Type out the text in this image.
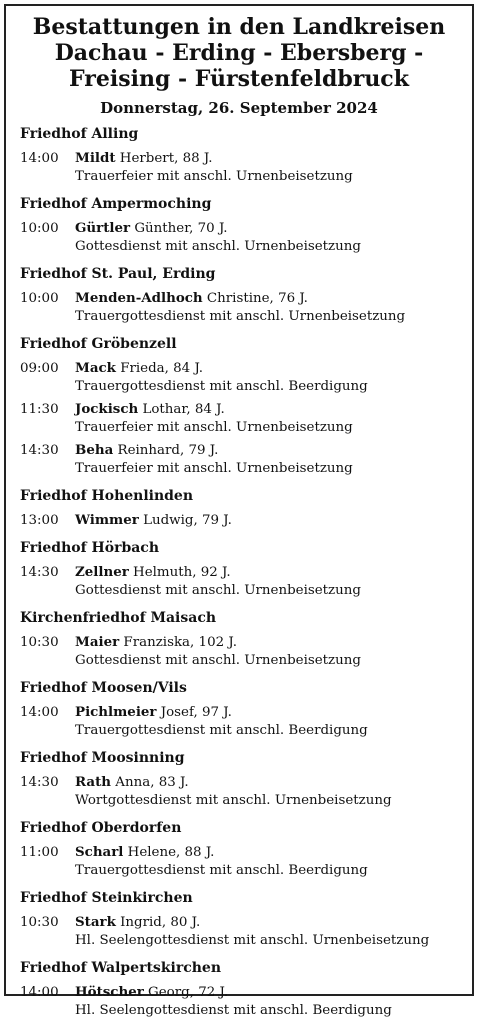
Bestattungen in den Landkreisen
Dachau - Erding - Ebersberg -
Freising - Fürstenfeldbruck
Donnerstag, 26. September 2024
Friedhof Alling
14:00 Mildt Herbert, 88 J.
Trauerfeier mit anschl. Urnenbeisetzung
Friedhof Ampermoching
10:00 Gürtler Günther, 70 J.
Gottesdienst mit anschl. Urnenbeisetzung
Friedhof St. Paul, Erding
10:00 Menden-Adlhoch Christine, 76 J.
Trauergottesdienst mit anschl. Urnenbeisetzung
Friedhof Gröbenzell
09:00 Mack Frieda, 84 J.
Trauergottesdienst mit anschl. Beerdigung
11:30 Jockisch Lothar, 84 J.
Trauerfeier mit anschl. Urnenbeisetzung
14:30 Beha Reinhard, 79 J.
Trauerfeier mit anschl. Urnenbeisetzung
Friedhof Hohenlinden
13:00 Wimmer Ludwig, 79 J.
Friedhof Hörbach
14:30 Zellner Helmuth, 92 J.
Gottesdienst mit anschl. Urnenbeisetzung
Kirchenfriedhof Maisach
10:30 Maier Franziska, 102 J.
Gottesdienst mit anschl. Urnenbeisetzung
Friedhof Moosen/Vils
14:00 Pichlmeier Josef, 97 J.
Trauergottesdienst mit anschl. Beerdigung
Friedhof Moosinning
14:30 Rath Anna, 83 J.
Wortgottesdienst mit anschl. Urnenbeisetzung
Friedhof Oberdorfen
11:00 Scharl Helene, 88 J.
Trauergottesdienst mit anschl. Beerdigung
Friedhof Steinkirchen
10:30 Stark Ingrid, 80 J.
Hl. Seelengottesdienst mit anschl. Urnenbeisetzung
Friedhof Walpertskirchen
14:00 Hötscher Georg, 72 J.
Hl. Seelengottesdienst mit anschl. Beerdigung
